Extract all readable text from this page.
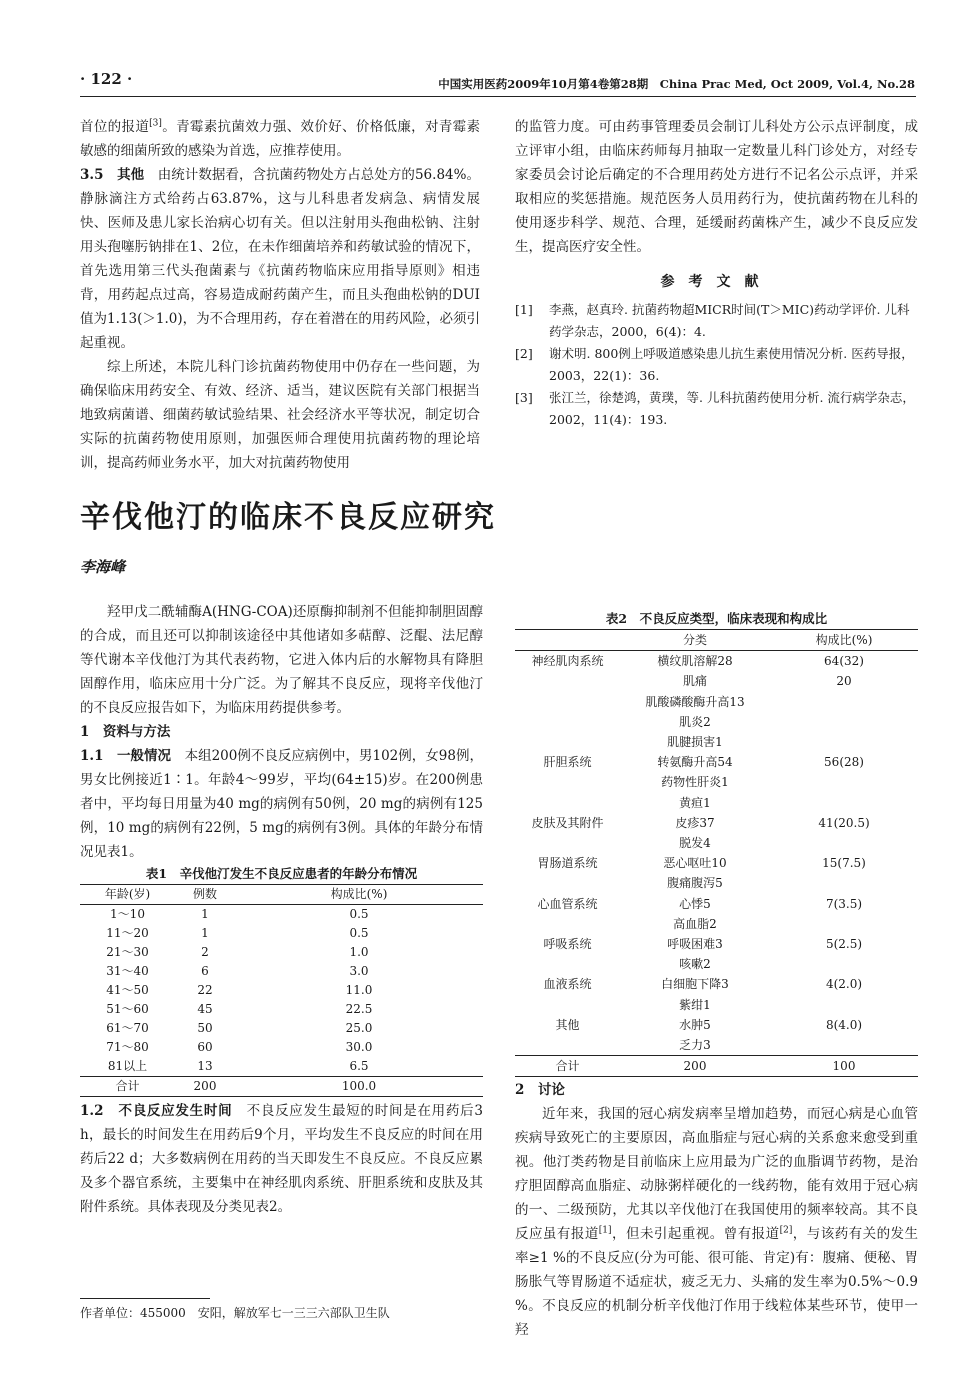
· 122 ·	中国实用医药2009年10月第4卷第28期　China Prac Med, Oct 2009, Vol.4, No.28

首位的报道[3]。青霉素抗菌效力强、效价好、价格低廉，对青霉素敏感的细菌所致的感染为首选，应推荐使用。

3.5　其他　由统计数据看，含抗菌药物处方占总处方的56.84%。静脉滴注方式给药占63.87%，这与儿科患者发病急、病情发展快、医师及患儿家长治病心切有关。但以注射用头孢曲松钠、注射用头孢噻肟钠排在1、2位，在未作细菌培养和药敏试验的情况下，首先选用第三代头孢菌素与《抗菌药物临床应用指导原则》相违背，用药起点过高，容易造成耐药菌产生，而且头孢曲松钠的DUI值为1.13(＞1.0)，为不合理用药，存在着潜在的用药风险，必须引起重视。

综上所述，本院儿科门诊抗菌药物使用中仍存在一些问题，为确保临床用药安全、有效、经济、适当，建议医院有关部门根据当地致病菌谱、细菌药敏试验结果、社会经济水平等状况，制定切合实际的抗菌药物使用原则，加强医师合理使用抗菌药物的理论培训，提高药师业务水平，加大对抗菌药物使用

的监管力度。可由药事管理委员会制订儿科处方公示点评制度，成立评审小组，由临床药师每月抽取一定数量儿科门诊处方，对经专家委员会讨论后确定的不合理用药处方进行不记名公示点评，并采取相应的奖惩措施。规范医务人员用药行为，使抗菌药物在儿科的使用逐步科学、规范、合理，延缓耐药菌株产生，减少不良反应发生，提高医疗安全性。

参考文献
[1]	李燕，赵真玲. 抗菌药物超MICR时间(T＞MIC)药动学评价. 儿科药学杂志，2000，6(4)：4.
[2]	谢术明. 800例上呼吸道感染患儿抗生素使用情况分析. 医药导报，2003，22(1)：36.
[3]	张江兰，徐楚鸿，黄璞，等. 儿科抗菌药使用分析. 流行病学杂志，2002，11(4)：193.
辛伐他汀的临床不良反应研究
李海峰

羟甲戊二酰辅酶A(HNG-COA)还原酶抑制剂不但能抑制胆固醇的合成，而且还可以抑制该途径中其他诸如多萜醇、泛醌、法尼醇等代谢本辛伐他汀为其代表药物，它进入体内后的水解物具有降胆固醇作用，临床应用十分广泛。为了解其不良反应，现将辛伐他汀的不良反应报告如下，为临床用药提供参考。

1　资料与方法

1.1　一般情况　本组200例不良反应病例中，男102例，女98例，男女比例接近1∶1。年龄4～99岁，平均(64±15)岁。在200例患者中，平均每日用量为40 mg的病例有50例，20 mg的病例有125例，10 mg的病例有22例，5 mg的病例有3例。具体的年龄分布情况见表1。

表1　辛伐他汀发生不良反应患者的年龄分布情况

年龄(岁)	例数	构成比(%)
1～10	1	0.5
11～20	1	0.5
21～30	2	1.0
31～40	6	3.0
41～50	22	11.0
51～60	45	22.5
61～70	50	25.0
71～80	60	30.0
81以上	13	6.5
合计	200	100.0

1.2　不良反应发生时间　不良反应发生最短的时间是在用药后3 h，最长的时间发生在用药后9个月，平均发生不良反应的时间在用药后22 d；大多数病例在用药的当天即发生不良反应。不良反应累及多个器官系统，主要集中在神经肌肉系统、肝胆系统和皮肤及其附件系统。具体表现及分类见表2。

表2　不良反应类型，临床表现和构成比

	分类	构成比(%)
神经肌肉系统	横纹肌溶解28	64(32)
	肌痛	20
	肌酸磷酸酶升高13	
	肌炎2	
	肌腱损害1	
肝胆系统	转氨酶升高54	56(28)
	药物性肝炎1	
	黄疸1	
皮肤及其附件	皮疹37	41(20.5)
	脱发4	
胃肠道系统	恶心呕吐10	15(7.5)
	腹痛腹泻5	
心血管系统	心悸5	7(3.5)
	高血脂2	
呼吸系统	呼吸困难3	5(2.5)
	咳嗽2	
血液系统	白细胞下降3	4(2.0)
	紫绀1	
其他	水肿5	8(4.0)
	乏力3	
合计	200	100

2　讨论

近年来，我国的冠心病发病率呈增加趋势，而冠心病是心血管疾病导致死亡的主要原因，高血脂症与冠心病的关系愈来愈受到重视。他汀类药物是目前临床上应用最为广泛的血脂调节药物，是治疗胆固醇高血脂症、动脉粥样硬化的一线药物，能有效用于冠心病的一、二级预防，尤其以辛伐他汀在我国使用的频率较高。其不良反应虽有报道[1]，但未引起重视。曾有报道[2]，与该药有关的发生率≥1 %的不良反应(分为可能、很可能、肯定)有：腹痛、便秘、胃肠胀气等胃肠道不适症状，疲乏无力、头痛的发生率为0.5%～0.9 %。不良反应的机制分析辛伐他汀作用于线粒体某些环节，使甲一羟

作者单位：455000　安阳，解放军七一三三六部队卫生队
